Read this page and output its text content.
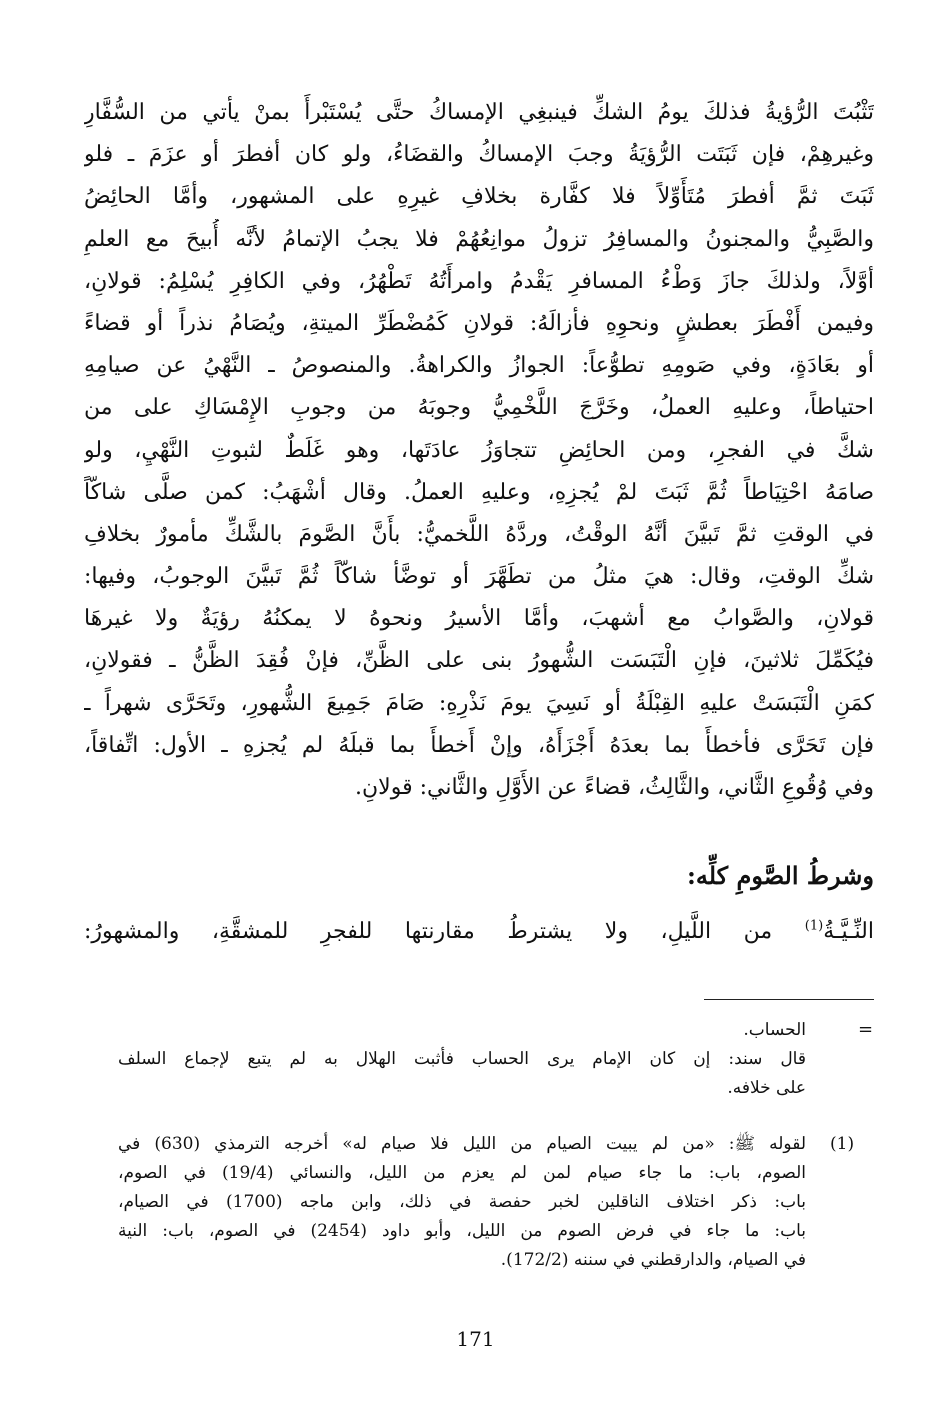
تَثْبُتَ الرُّؤيةُ فذلكَ يومُ الشكِّ فينبغِي الإمساكُ حتَّى يُسْتَبْرأَ بمنْ يأتي من السُّفَّارِ
وغيرهِمْ، فإن ثَبَتَت الرُّؤيَةُ وجبَ الإمساكُ والقضَاءُ، ولو كان أفطرَ أو عزَمَ ـ فلو
ثَبَتَ ثمَّ أفطرَ مُتَأَوِّلاً فلا كفَّارة بخلافِ غيرِهِ على المشهور، وأمَّا الحائِضُ
والصَّبِيُّ والمجنونُ والمسافِرُ تزولُ موانِعُهُمْ فلا يجبُ الإتمامُ لأنَّه أُبيحَ مع العلمِ
أوَّلاً، ولذلكَ جازَ وَطْءُ المسافرِ يَقْدمُ وامرأَتُهُ تَطْهُرُ، وفي الكافِرِ يُسْلِمُ: قولانِ،
وفيمن أَفْطَرَ بعطشٍ ونحوِهِ فأزالَهُ: قولانِ كَمُضْطَرِّ الميتةِ، ويُصَامُ نذراً أو قضاءً
أو بعَادَةٍ، وفي صَومِهِ تطوُّعاً: الجوازُ والكراهةُ. والمنصوصُ ـ النَّهْيُ عن صيامِهِ
احتياطاً، وعليهِ العملُ، وخَرَّجَ اللَّخْمِيُّ وجوبَهُ من وجوبِ الإِمْسَاكِ على من
شكَّ في الفجرِ، ومن الحائِضِ تتجاوَزُ عادَتَها، وهو غَلَطٌ لثبوتِ النَّهْيِ، ولو
صامَهُ احْتِيَاطاً ثُمَّ ثَبَتَ لمْ يُجزِهِ، وعليهِ العملُ. وقال أشْهَبُ: كمن صلَّى شاكّاً
في الوقتِ ثمَّ تَبيَّنَ أنَّهُ الوقْتُ، وردَّهُ اللَّخميُّ: بأَنَّ الصَّومَ بالشَّكِّ مأمورٌ بخلافِ
شكِّ الوقتِ، وقال: هيَ مثلُ من تطَهَّرَ أو توضَّأ شاكّاً ثُمَّ تَبيَّنَ الوجوبُ، وفيها:
قولانِ، والصَّوابُ مع أشهبَ، وأمَّا الأسيرُ ونحوهُ لا يمكنُهُ رؤيَةٌ ولا غيرهَا
فيُكَمِّلَ ثلاثينَ، فإنِ الْتَبَسَت الشُّهورُ بنى على الظَّنِّ، فإنْ فُقِدَ الظَّنُّ ـ فقولانِ،
كمَنِ الْتَبَسَتْ عليهِ القِبْلَةُ أو نَسِيَ يومَ نَذْرِهِ: صَامَ جَمِيعَ الشُّهورِ، وتَحَرَّى شهراً ـ
فإن تَحَرَّى فأخطأَ بما بعدَهُ أَجْزَأَهُ، وإنْ أَخطأَ بما قبلَهُ لم يُجزهِ ـ الأول: اتِّفاقاً،
وفي وُقُوعِ الثَّاني، والثَّالِثُ، قضاءً عن الأَوَّلِ والثَّاني: قولانِ.
وشرطُ الصَّومِ كلِّه:
النِّـيَّـةُ$^{(1)}$ من اللَّيلِ، ولا يشترطُ مقارنتها للفجرِ للمشقَّةِ، والمشهورُ:
=
الحساب.
قال سند: إن كان الإمام يرى الحساب فأثبت الهلال به لم يتبع لإجماع السلف
على خلافه.
(1)
لقوله ﷺ: «من لم يبيت الصيام من الليل فلا صيام له» أخرجه الترمذي (630) في
الصوم، باب: ما جاء صيام لمن لم يعزم من الليل، والنسائي (19/4) في الصوم،
باب: ذكر اختلاف الناقلين لخبر حفصة في ذلك، وابن ماجه (1700) في الصيام،
باب: ما جاء في فرض الصوم من الليل، وأبو داود (2454) في الصوم، باب: النية
في الصيام، والدارقطني في سننه (172/2).
171
